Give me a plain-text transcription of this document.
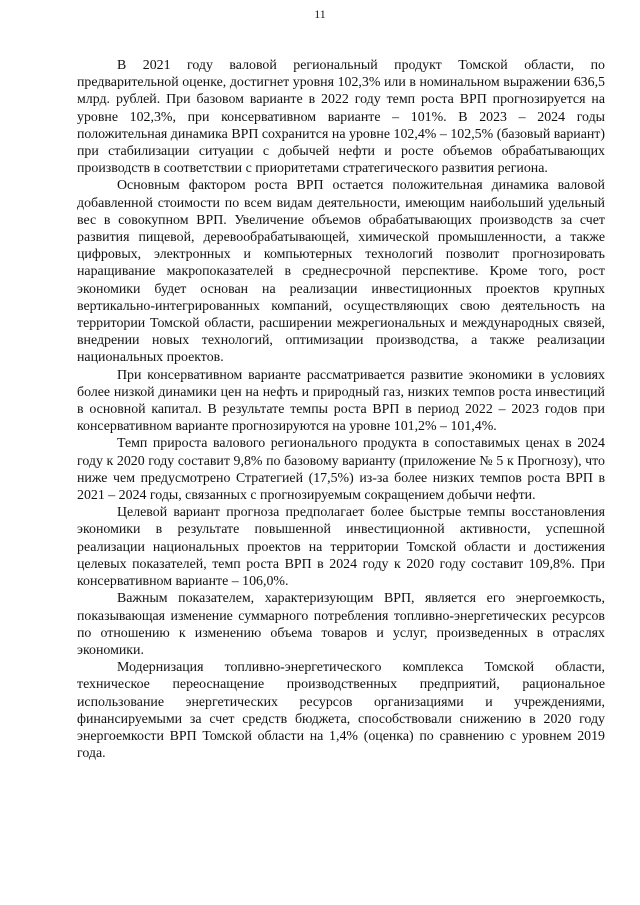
11

В 2021 году валовой региональный продукт Томской области, по предварительной оценке, достигнет уровня 102,3% или в номинальном выражении 636,5 млрд. рублей. При базовом варианте в 2022 году темп роста ВРП прогнозируется на уровне 102,3%, при консервативном варианте – 101%. В 2023 – 2024 годы положительная динамика ВРП сохранится на уровне 102,4% – 102,5% (базовый вариант) при стабилизации ситуации с добычей нефти и росте объемов обрабатывающих производств в соответствии с приоритетами стратегического развития региона.

Основным фактором роста ВРП остается положительная динамика валовой добавленной стоимости по всем видам деятельности, имеющим наибольший удельный вес в совокупном ВРП. Увеличение объемов обрабатывающих производств за счет развития пищевой, деревообрабатывающей, химической промышленности, а также цифровых, электронных и компьютерных технологий позволит прогнозировать наращивание макропоказателей в среднесрочной перспективе. Кроме того, рост экономики будет основан на реализации инвестиционных проектов крупных вертикально-интегрированных компаний, осуществляющих свою деятельность на территории Томской области, расширении межрегиональных и международных связей, внедрении новых технологий, оптимизации производства, а также реализации национальных проектов.

При консервативном варианте рассматривается развитие экономики в условиях более низкой динамики цен на нефть и природный газ, низких темпов роста инвестиций в основной капитал. В результате темпы роста ВРП в период 2022 – 2023 годов при консервативном варианте прогнозируются на уровне 101,2% – 101,4%.

Темп прироста валового регионального продукта в сопоставимых ценах в 2024 году к 2020 году составит 9,8% по базовому варианту (приложение № 5 к Прогнозу), что ниже чем предусмотрено Стратегией (17,5%) из-за более низких темпов роста ВРП в 2021 – 2024 годы, связанных с прогнозируемым сокращением добычи нефти.

Целевой вариант прогноза предполагает более быстрые темпы восстановления экономики в результате повышенной инвестиционной активности, успешной реализации национальных проектов на территории Томской области и достижения целевых показателей, темп роста ВРП в 2024 году к 2020 году составит 109,8%. При консервативном варианте – 106,0%.

Важным показателем, характеризующим ВРП, является его энергоемкость, показывающая изменение суммарного потребления топливно-энергетических ресурсов по отношению к изменению объема товаров и услуг, произведенных в отраслях экономики.

Модернизация топливно-энергетического комплекса Томской области, техническое переоснащение производственных предприятий, рациональное использование энергетических ресурсов организациями и учреждениями, финансируемыми за счет средств бюджета, способствовали снижению в 2020 году энергоемкости ВРП Томской области на 1,4% (оценка) по сравнению с уровнем 2019 года.
